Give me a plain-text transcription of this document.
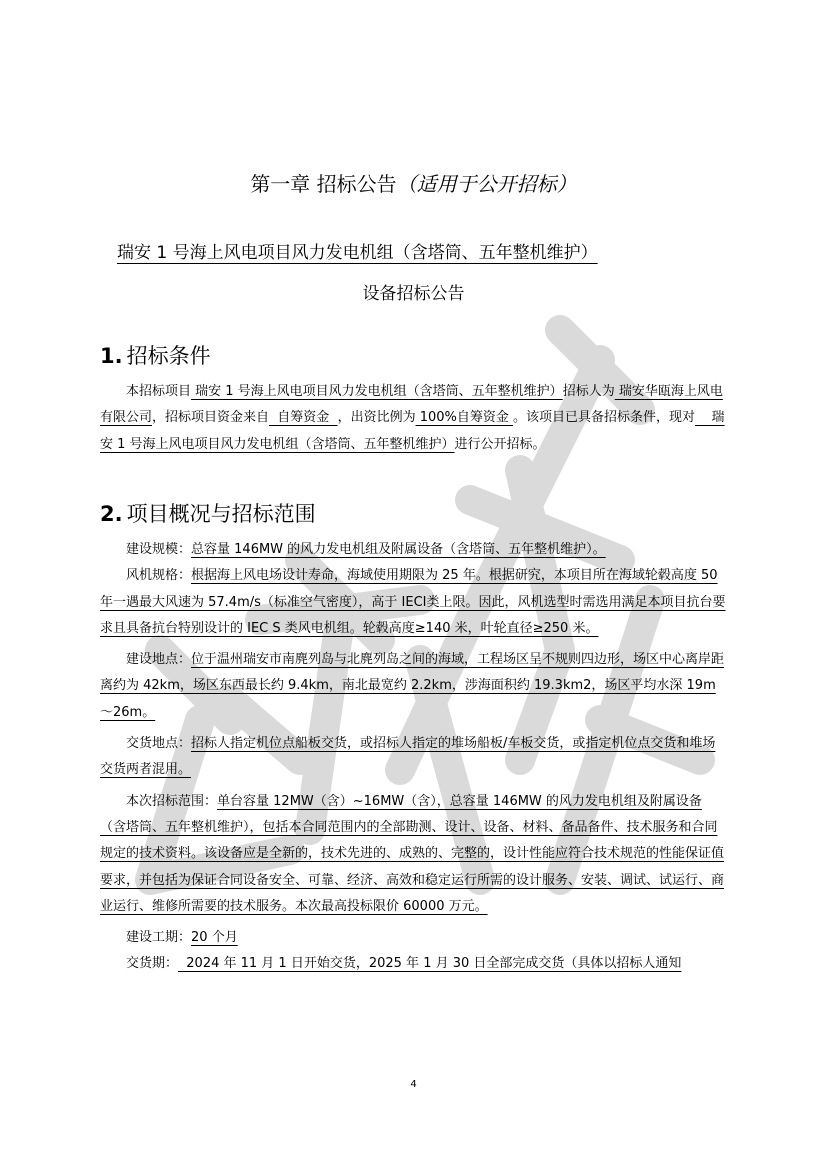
第一章 招标公告（适用于公开招标）
瑞安 1 号海上风电项目风力发电机组（含塔筒、五年整机维护）
设备招标公告
1. 招标条件

本招标项目 瑞安 1 号海上风电项目风力发电机组（含塔筒、五年整机维护）招标人为 瑞安华瓯海上风电有限公司，招标项目资金来自  自筹资金  ，出资比例为 100%自筹资金 。该项目已具备招标条件，现对    瑞安 1 号海上风电项目风力发电机组（含塔筒、五年整机维护）进行公开招标。

2. 项目概况与招标范围

建设规模：总容量 146MW 的风力发电机组及附属设备（含塔筒、五年整机维护）。

风机规格：根据海上风电场设计寿命，海域使用期限为 25 年。根据研究，本项目所在海域轮毂高度 50 年一遇最大风速为 57.4m/s（标准空气密度），高于 IECⅠ类上限。因此，风机选型时需选用满足本项目抗台要求且具备抗台特别设计的 IEC S 类风电机组。轮毂高度≥140 米，叶轮直径≥250 米。

建设地点：位于温州瑞安市南麂列岛与北麂列岛之间的海域，工程场区呈不规则四边形，场区中心离岸距离约为 42km，场区东西最长约 9.4km，南北最宽约 2.2km，涉海面积约 19.3km2，场区平均水深 19m～26m。

交货地点：招标人指定机位点船板交货，或招标人指定的堆场船板/车板交货，或指定机位点交货和堆场交货两者混用。

本次招标范围：单台容量 12MW（含）~16MW（含），总容量 146MW 的风力发电机组及附属设备（含塔筒、五年整机维护），包括本合同范围内的全部勘测、设计、设备、材料、备品备件、技术服务和合同规定的技术资料。该设备应是全新的，技术先进的、成熟的、完整的，设计性能应符合技术规范的性能保证值要求，并包括为保证合同设备安全、可靠、经济、高效和稳定运行所需的设计服务、安装、调试、试运行、商业运行、维修所需要的技术服务。本次最高投标限价 60000 万元。

建设工期：20 个月

交货期：  2024 年 11 月 1 日开始交货，2025 年 1 月 30 日全部完成交货（具体以招标人通知

4
